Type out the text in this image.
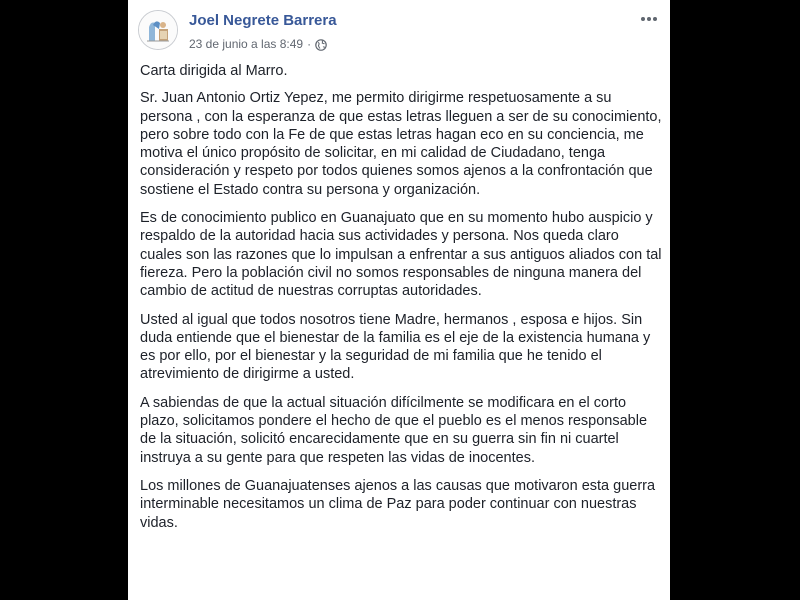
Joel Negrete Barrera
23 de junio a las 8:49 ·

Carta dirigida al Marro.

Sr. Juan Antonio Ortiz Yepez, me permito dirigirme respetuosamente a su persona , con la esperanza de que estas letras lleguen a ser de su conocimiento, pero sobre todo con la Fe de que estas letras hagan eco en su conciencia, me motiva el único propósito de solicitar, en mi calidad de Ciudadano, tenga consideración y respeto por todos quienes somos ajenos a la confrontación que sostiene el Estado contra su persona y organización.

Es de conocimiento publico en Guanajuato que en su momento hubo auspicio y respaldo de la autoridad hacia sus actividades y persona. Nos queda claro cuales son las razones que lo impulsan a enfrentar a sus antiguos aliados con tal fiereza. Pero la población civil no somos responsables de ninguna manera del cambio de actitud de nuestras corruptas autoridades.

Usted al igual que todos nosotros tiene Madre, hermanos , esposa e hijos. Sin duda entiende que el bienestar de la familia es el eje de la existencia humana y es por ello, por el bienestar y la seguridad de mi familia que he tenido el atrevimiento de dirigirme a usted.

A sabiendas de que la actual situación difícilmente se modificara en el corto plazo, solicitamos pondere el hecho de que el pueblo es el menos responsable de la situación, solicitó encarecidamente que en su guerra sin fin ni cuartel instruya a su gente para que respeten las vidas de inocentes.

Los millones de Guanajuatenses ajenos a las causas que motivaron esta guerra interminable necesitamos un clima de Paz para poder continuar con nuestras vidas.
